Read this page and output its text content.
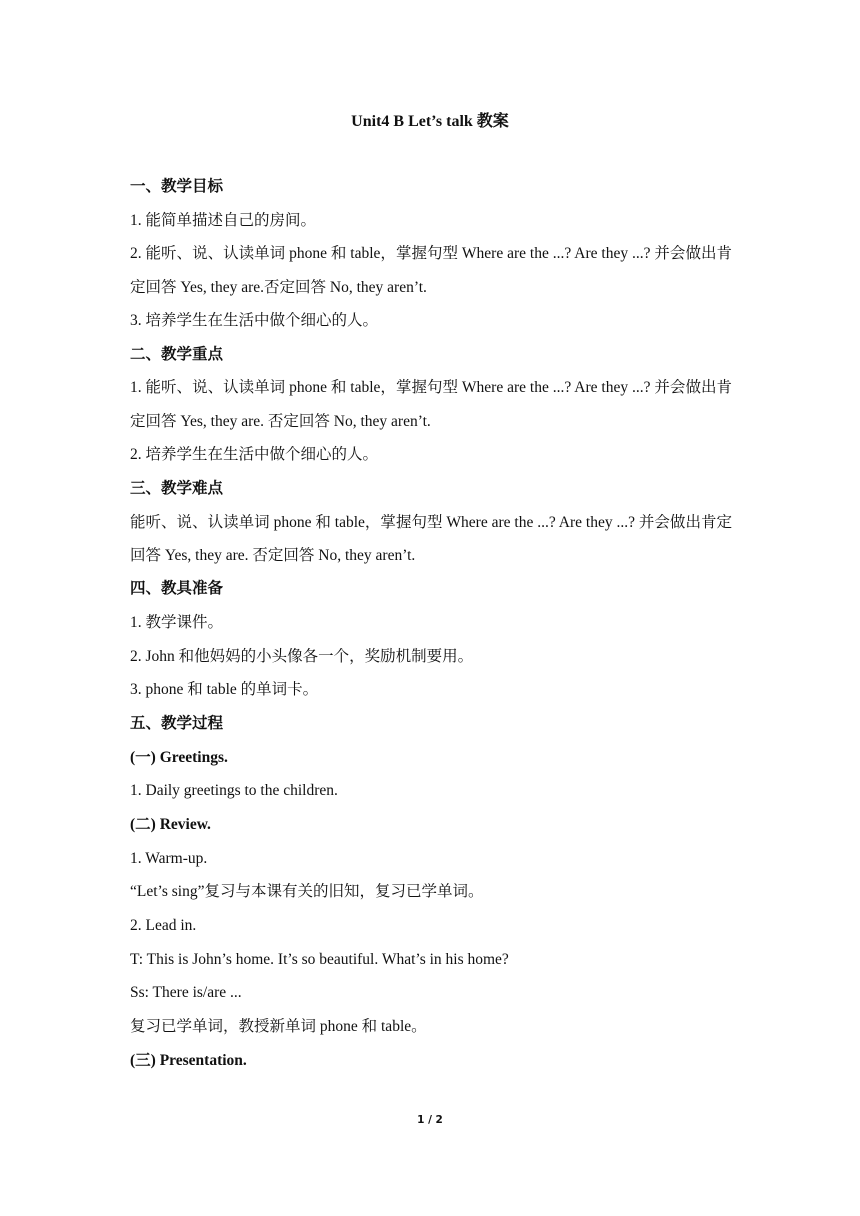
Unit4 B Let’s talk 教案
一、教学目标
1. 能简单描述自己的房间。
2. 能听、说、认读单词 phone 和 table，掌握句型 Where are the ...? Are they ...? 并会做出肯定回答 Yes, they are.否定回答 No, they aren’t.
3. 培养学生在生活中做个细心的人。
二、教学重点
1. 能听、说、认读单词 phone 和 table，掌握句型 Where are the ...? Are they ...? 并会做出肯定回答 Yes, they are. 否定回答 No, they aren’t.
2. 培养学生在生活中做个细心的人。
三、教学难点
能听、说、认读单词 phone 和 table，掌握句型 Where are the ...? Are they ...? 并会做出肯定回答 Yes, they are. 否定回答 No, they aren’t.
四、教具准备
1. 教学课件。
2. John 和他妈妈的小头像各一个，奖励机制要用。
3. phone 和 table 的单词卡。
五、教学过程
(一) Greetings.
1. Daily greetings to the children.
(二) Review.
1. Warm-up.
“Let’s sing”复习与本课有关的旧知，复习已学单词。
2. Lead in.
T: This is John’s home. It’s so beautiful. What’s in his home?
Ss: There is/are ...
复习已学单词，教授新单词 phone 和 table。
(三) Presentation.
1 / 2
